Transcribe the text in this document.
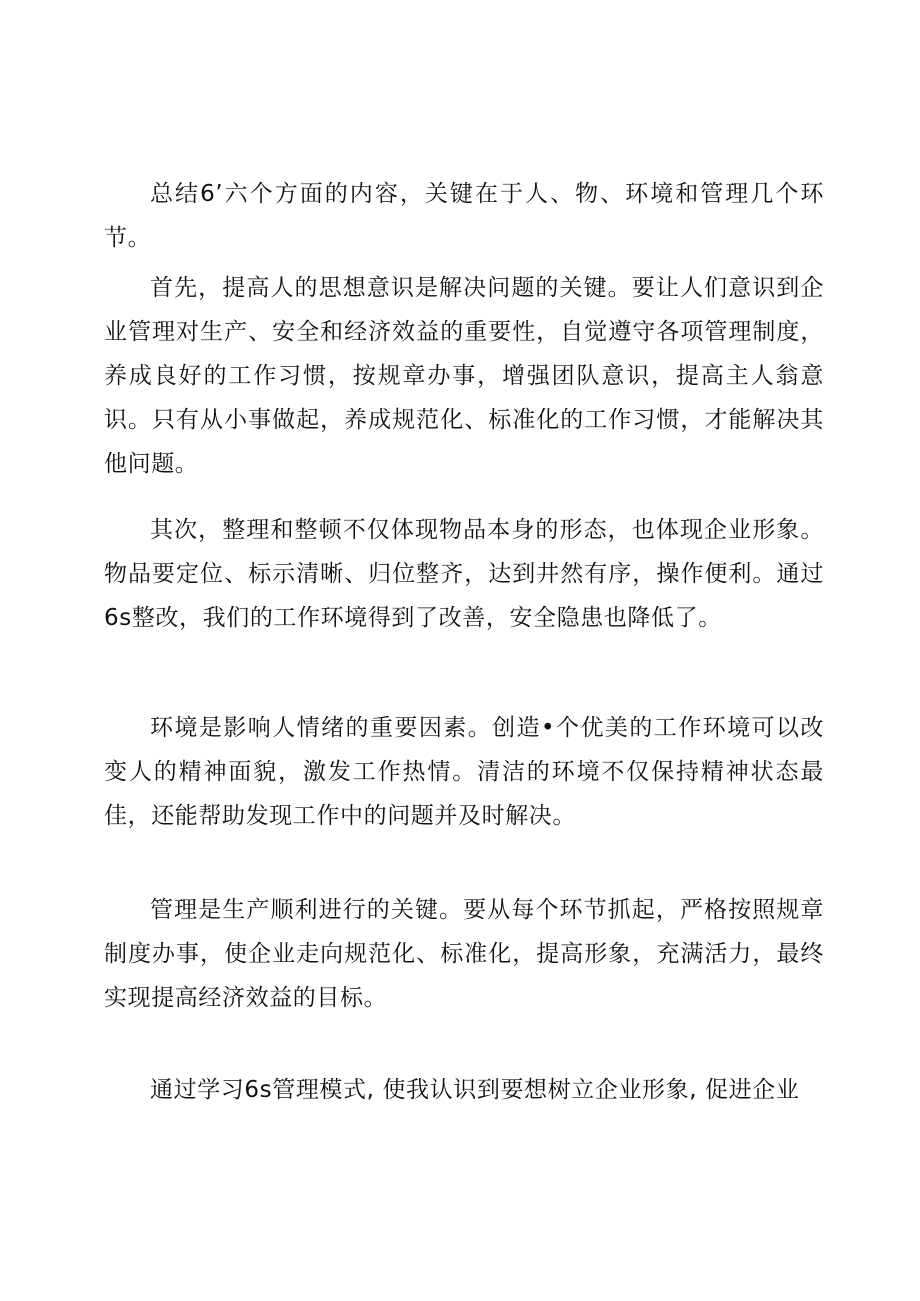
总结6’六个方面的内容，关键在于人、物、环境和管理几个环节。

首先，提高人的思想意识是解决问题的关键。要让人们意识到企业管理对生产、安全和经济效益的重要性，自觉遵守各项管理制度，养成良好的工作习惯，按规章办事，增强团队意识，提高主人翁意识。只有从小事做起，养成规范化、标准化的工作习惯，才能解决其他问题。

其次，整理和整顿不仅体现物品本身的形态，也体现企业形象。物品要定位、标示清晰、归位整齐，达到井然有序，操作便利。通过6s整改，我们的工作环境得到了改善，安全隐患也降低了。

环境是影响人情绪的重要因素。创造•个优美的工作环境可以改变人的精神面貌，激发工作热情。清洁的环境不仅保持精神状态最佳，还能帮助发现工作中的问题并及时解决。

管理是生产顺利进行的关键。要从每个环节抓起，严格按照规章制度办事，使企业走向规范化、标准化，提高形象，充满活力，最终实现提高经济效益的目标。

通过学习6s管理模式, 使我认识到要想树立企业形象, 促进企业
